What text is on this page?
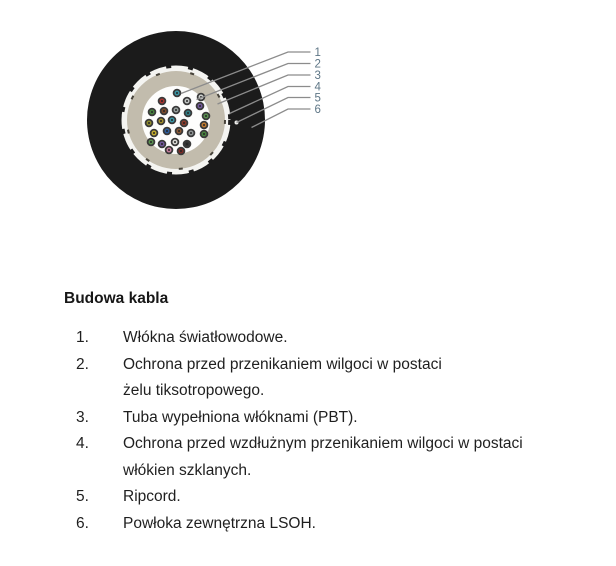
1
2
3
4
5
6
Budowa kabla
1.	Włókna światłowodowe.
2.	Ochrona przed przenikaniem wilgoci w postaci
żelu tiksotropowego.
3.	Tuba wypełniona włóknami (PBT).
4.	Ochrona przed wzdłużnym przenikaniem wilgoci w postaci
włókien szklanych.
5.	Ripcord.
6.	Powłoka zewnętrzna LSOH.
